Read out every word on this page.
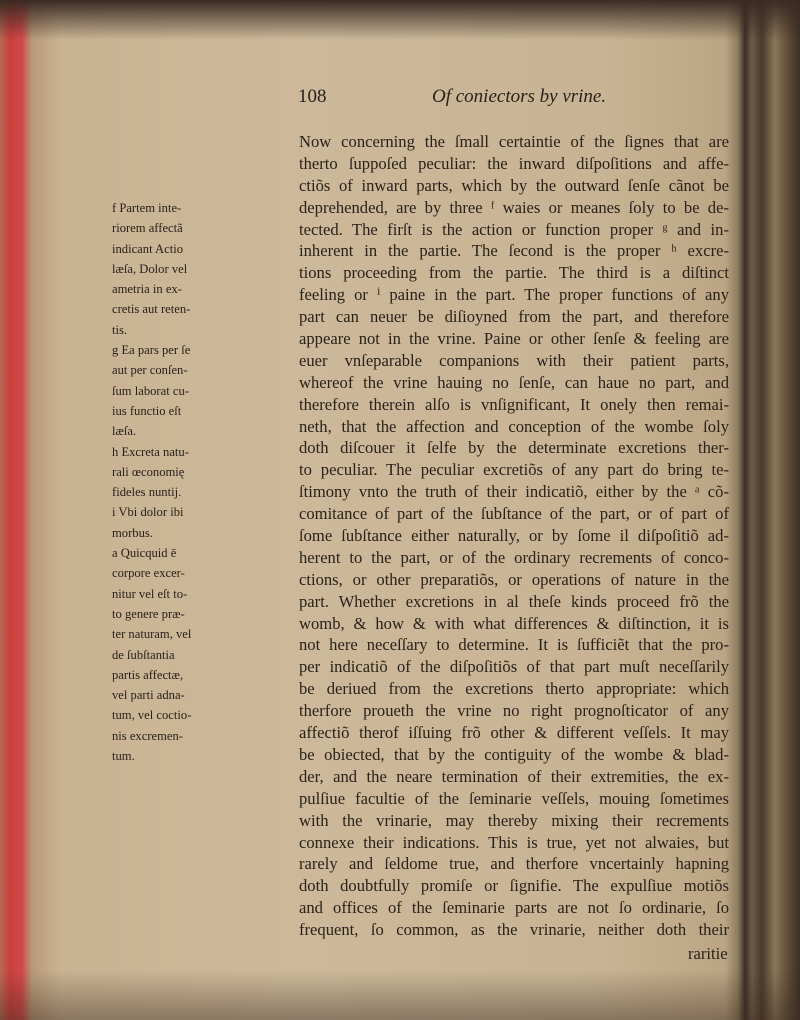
108	Of coniectors by vrine.
f Partem inte-
riorem affectã
indicant Actio
læſa, Dolor vel
ametria in ex-
cretis aut reten-
tis.
g Ea pars per ſe
aut per conſen-
ſum laborat cu-
ius functio eſt
læſa.
h Excreta natu-
rali œconomię
fideles nuntij.
i Vbi dolor ibi
morbus.
a Quicquid ē
corpore excer-
nitur vel eſt to-
to genere præ-
ter naturam, vel
de ſubſtantia
partis affectæ,
vel parti adna-
tum, vel coctio-
nis excremen-
tum.
Now concerning the ſmall certaintie of the ſignes that are
therto ſuppoſed peculiar: the inward diſpoſitions and affe-
ctiõs of inward parts, which by the outward ſenſe cãnot be
deprehended, are by three ᶠ waies or meanes ſoly to be de-
tected. The firſt is the action or function proper ᵍ and in-
inherent in the partie. The ſecond is the proper ʰ excre-
tions proceeding from the partie. The third is a diſtinct
feeling or ⁱ paine in the part. The proper functions of any
part can neuer be diſioyned from the part, and therefore
appeare not in the vrine. Paine or other ſenſe & feeling are
euer vnſeparable companions with their patient parts,
whereof the vrine hauing no ſenſe, can haue no part, and
therefore therein alſo is vnſignificant, It onely then remai-
neth, that the affection and conception of the wombe ſoly
doth diſcouer it ſelfe by the determinate excretions ther-
to peculiar. The peculiar excretiõs of any part do bring te-
ſtimony vnto the truth of their indicatiõ, either by the ᵃ cõ-
comitance of part of the ſubſtance of the part, or of part of
ſome ſubſtance either naturally, or by ſome il diſpoſitiõ ad-
herent to the part, or of the ordinary recrements of conco-
ctions, or other preparatiõs, or operations of nature in the
part. Whether excretions in al theſe kinds proceed frõ the
womb, & how & with what differences & diſtinction, it is
not here neceſſary to determine. It is ſufficiẽt that the pro-
per indicatiõ of the diſpoſitiõs of that part muſt neceſſarily
be deriued from the excretions therto appropriate: which
therfore proueth the vrine no right prognoſticator of any
affectiõ therof iſſuing frõ other & different veſſels. It may
be obiected, that by the contiguity of the wombe & blad-
der, and the neare termination of their extremities, the ex-
pulſiue facultie of the ſeminarie veſſels, mouing ſometimes
with the vrinarie, may thereby mixing their recrements
connexe their indications. This is true, yet not alwaies, but
rarely and ſeldome true, and therfore vncertainly hapning
doth doubtfully promiſe or ſignifie. The expulſiue motiõs
and offices of the ſeminarie parts are not ſo ordinarie, ſo
frequent, ſo common, as the vrinarie, neither doth their
raritie
